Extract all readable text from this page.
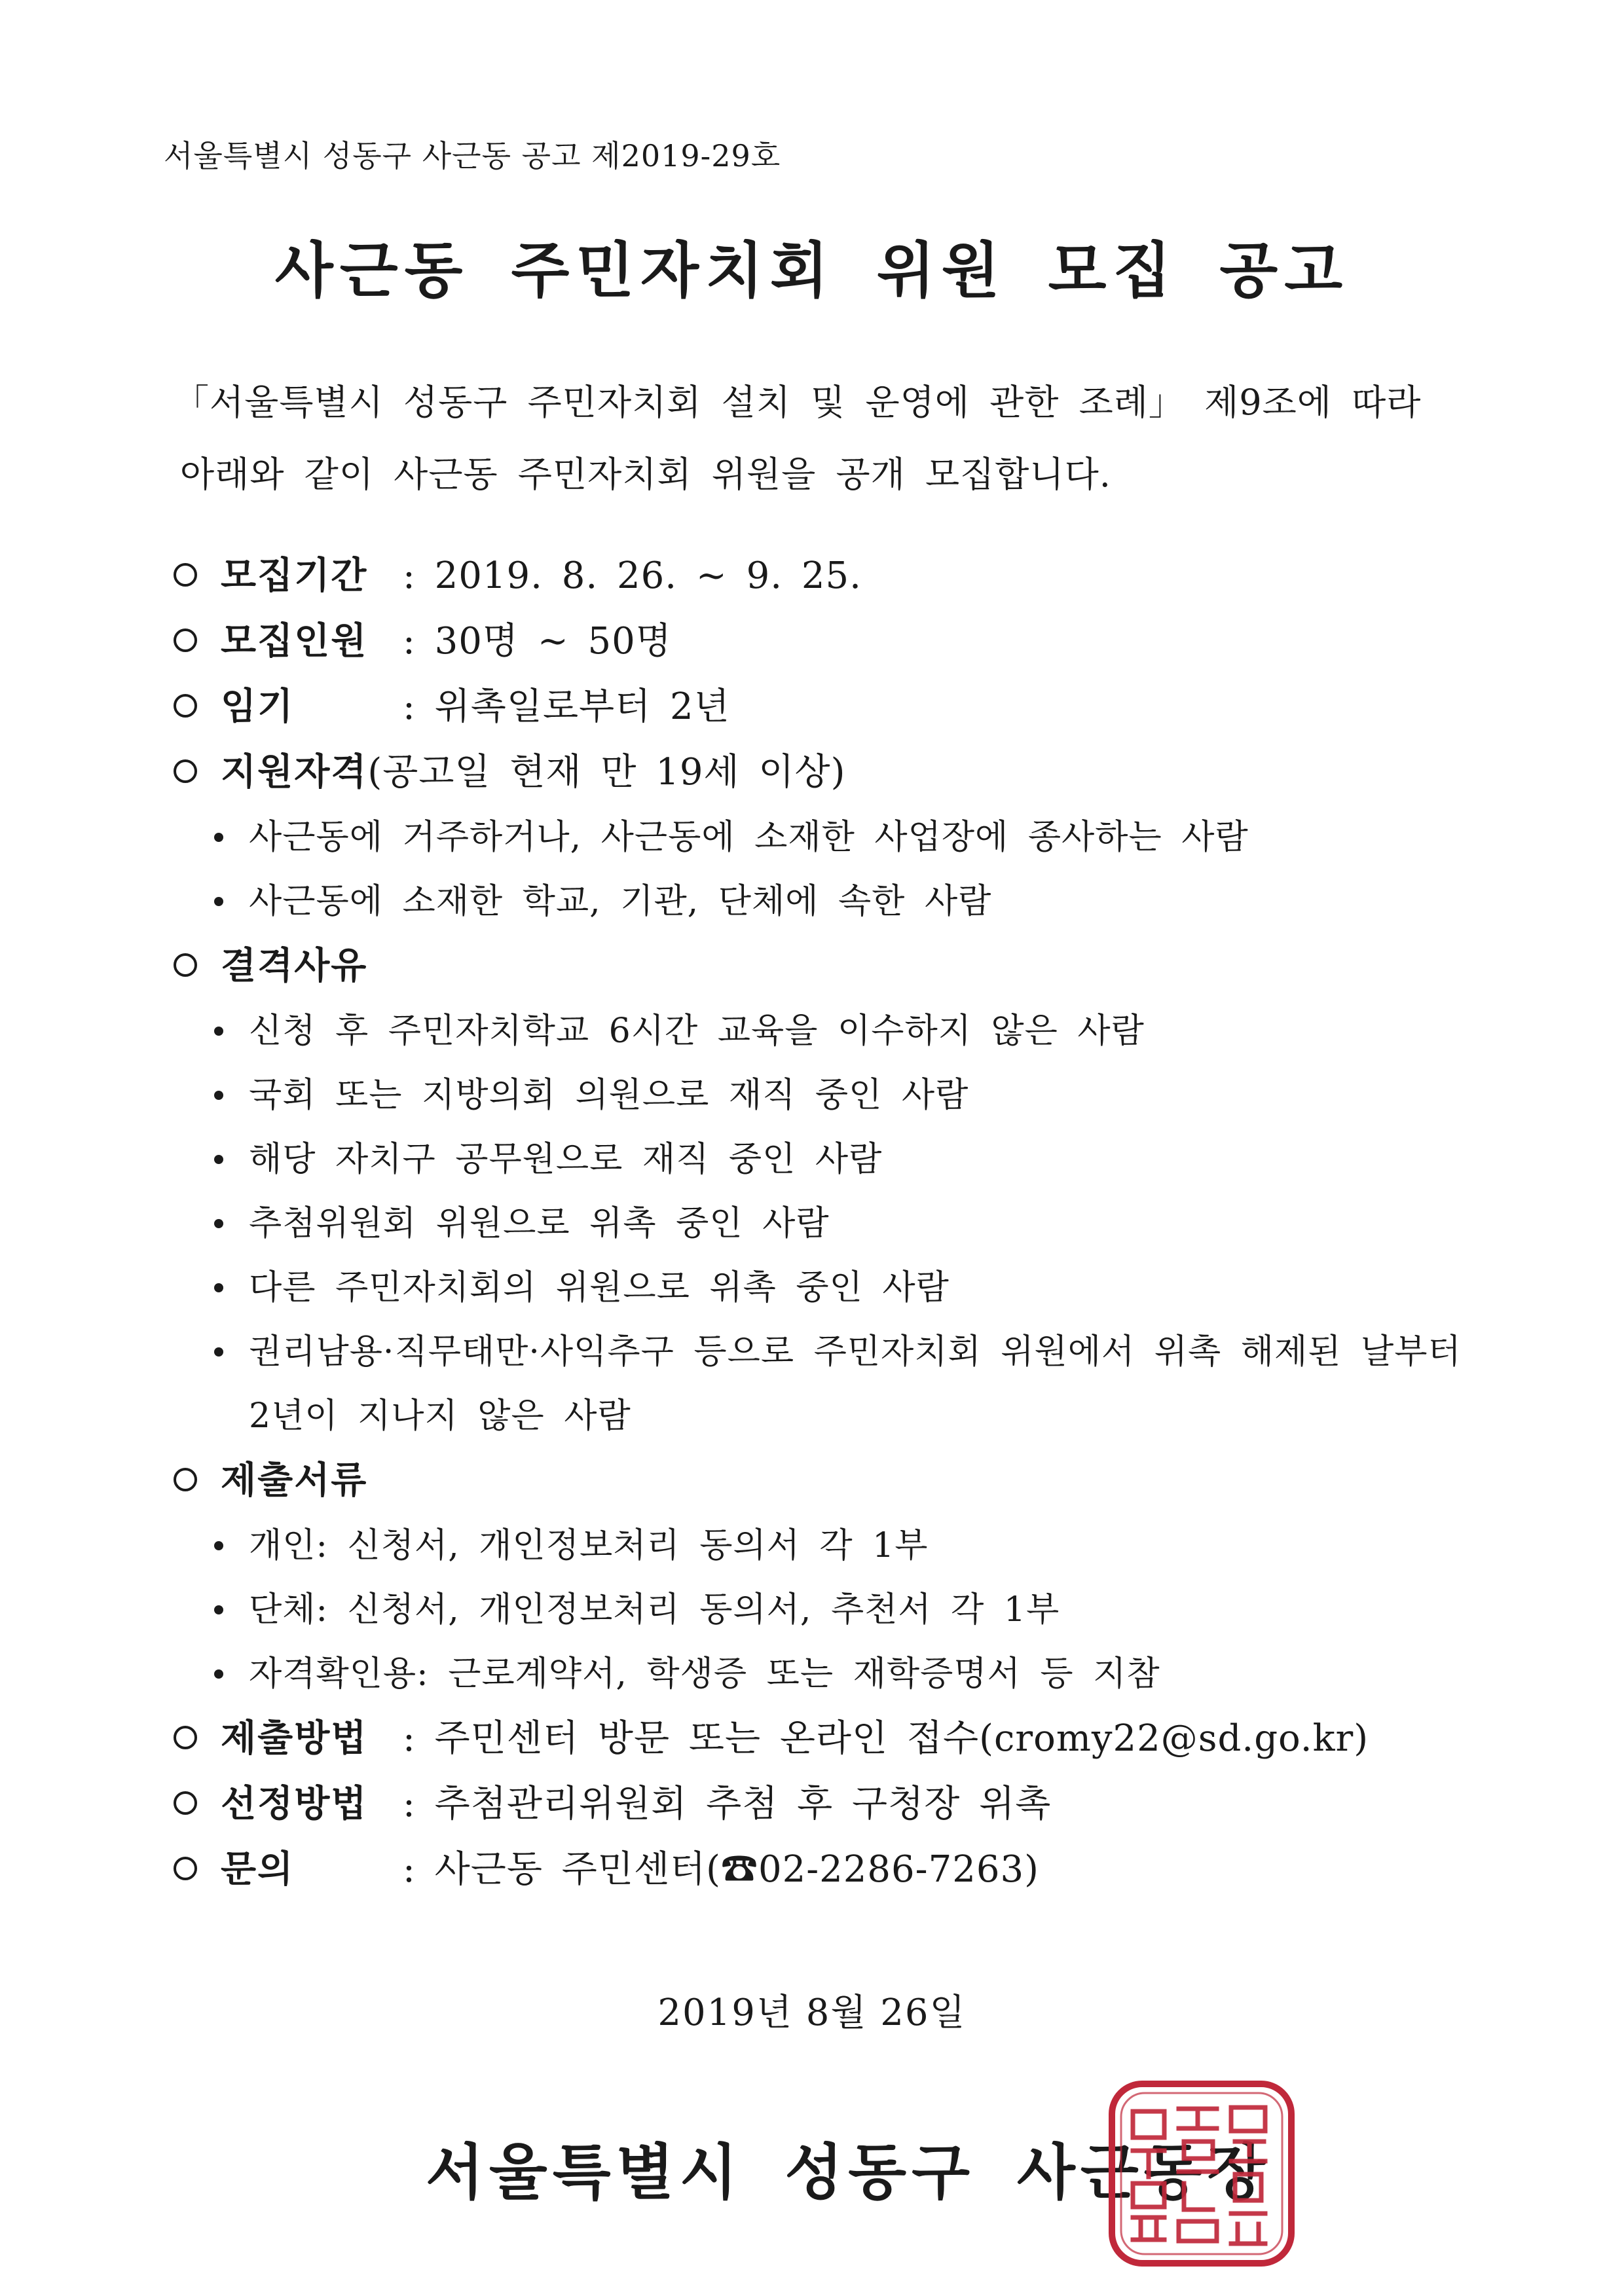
서울특별시 성동구 사근동 공고 제2019-29호
사근동 주민자치회 위원 모집 공고
「서울특별시 성동구 주민자치회 설치 및 운영에 관한 조례」 제9조에 따라
아래와 같이 사근동 주민자치회 위원을 공개 모집합니다.
모집기간 : 2019. 8. 26. ~ 9. 25.
모집인원 : 30명 ~ 50명
임기	: 위촉일로부터 2년
지원자격(공고일 현재 만 19세 이상)
사근동에 거주하거나, 사근동에 소재한 사업장에 종사하는 사람
사근동에 소재한 학교, 기관, 단체에 속한 사람
결격사유
신청 후 주민자치학교 6시간 교육을 이수하지 않은 사람
국회 또는 지방의회 의원으로 재직 중인 사람
해당 자치구 공무원으로 재직 중인 사람
추첨위원회 위원으로 위촉 중인 사람
다른 주민자치회의 위원으로 위촉 중인 사람
권리남용·직무태만·사익추구 등으로 주민자치회 위원에서 위촉 해제된 날부터
2년이 지나지 않은 사람
제출서류
개인: 신청서, 개인정보처리 동의서 각 1부
단체: 신청서, 개인정보처리 동의서, 추천서 각 1부
자격확인용: 근로계약서, 학생증 또는 재학증명서 등 지참
제출방법 : 주민센터 방문 또는 온라인 접수(cromy22@sd.go.kr)
선정방법 : 추첨관리위원회 추첨 후 구청장 위촉
문의	: 사근동 주민센터(☎02-2286-7263)
2019년 8월 26일
서울특별시 성동구 사근동장
